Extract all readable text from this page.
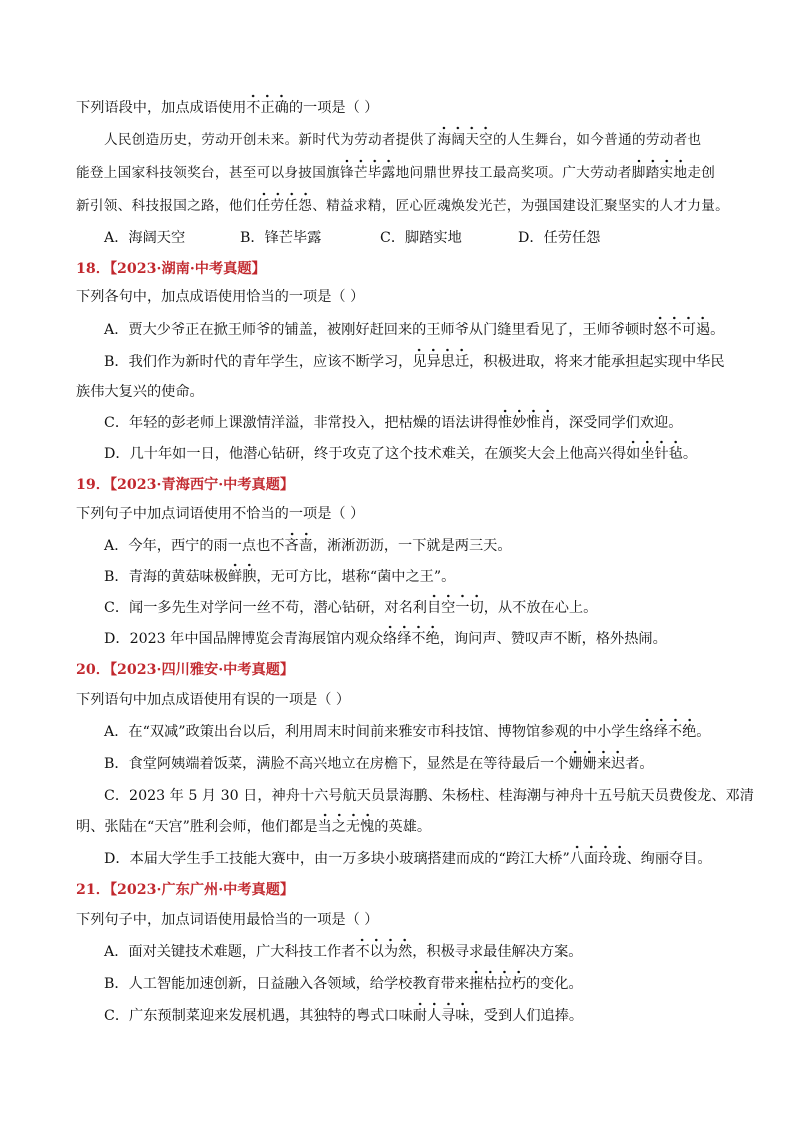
下列语段中，加点成语使用
不正确的一项是（ ）
人民创造历史，劳动开创未来。新时代为劳动者提供了
海阔天空的人生舞台，如今普通的劳动者也
能登上国家科技领奖台，甚至可以身披国旗
锋芒毕露地问鼎世界技工最高奖项。广大劳动者
脚踏实地走创
新引领、科技报国之路，他们
任劳任怨、精益求精，匠心匠魂焕发光芒，为强国建设汇聚坚实的人才力量。
A．海阔天空	B．锋芒毕露	C．脚踏实地	D．任劳任怨
18．【2023·湖南·中考真题】
下列各句中，加点成语使用恰当的一项是（ ）
A．贾大少爷正在掀王师爷的铺盖，被刚好赶回来的王师爷从门缝里看见了，王师爷顿时
怒不可遏。
B．我们作为新时代的青年学生，应该不断学习，
见异思迁，积极进取，将来才能承担起实现中华民
族伟大复兴的使命。
C．年轻的彭老师上课激情洋溢，非常投入，把枯燥的语法讲得
惟妙惟肖，深受同学们欢迎。
D．几十年如一日，他潜心钻研，终于攻克了这个技术难关，在颁奖大会上他高兴得
如坐针毡。
19．【2023·青海西宁·中考真题】
下列句子中加点词语使用不恰当的一项是（ ）
A．今年，西宁的雨一点也不
吝啬，淅淅沥沥，一下就是两三天。
B．青海的黄菇味极
鲜腴，无可方比，堪称“菌中之王”。
C．闻一多先生对学问一丝不苟，潜心钻研，对名利
目空一切，从不放在心上。
D．2023 年中国品牌博览会青海展馆内观众
络绎不绝，询问声、赞叹声不断，格外热闹。
20．【2023·四川雅安·中考真题】
下列语句中加点成语使用有误的一项是（ ）
A．在“双减”政策出台以后，利用周末时间前来雅安市科技馆、博物馆参观的中小学生
络绎不绝。
B．食堂阿姨端着饭菜，满脸不高兴地立在房檐下，显然是在等待最后一个
姗姗来迟者。
C．2023 年 5 月 30 日，神舟十六号航天员景海鹏、朱杨柱、桂海潮与神舟十五号航天员费俊龙、邓清
明、张陆在“天宫”胜利会师，他们都是
当之无愧的英雄。
D．本届大学生手工技能大赛中，由一万多块小玻璃搭建而成的“跨江大桥”
八面玲珑、绚丽夺目。
21．【2023·广东广州·中考真题】
下列句子中，加点词语使用最恰当的一项是（ ）
A．面对关键技术难题，广大科技工作者
不以为然，积极寻求最佳解决方案。
B．人工智能加速创新，日益融入各领域，给学校教育带来
摧枯拉朽的变化。
C．广东预制菜迎来发展机遇，其独特的粤式口味
耐人寻味，受到人们追捧。
